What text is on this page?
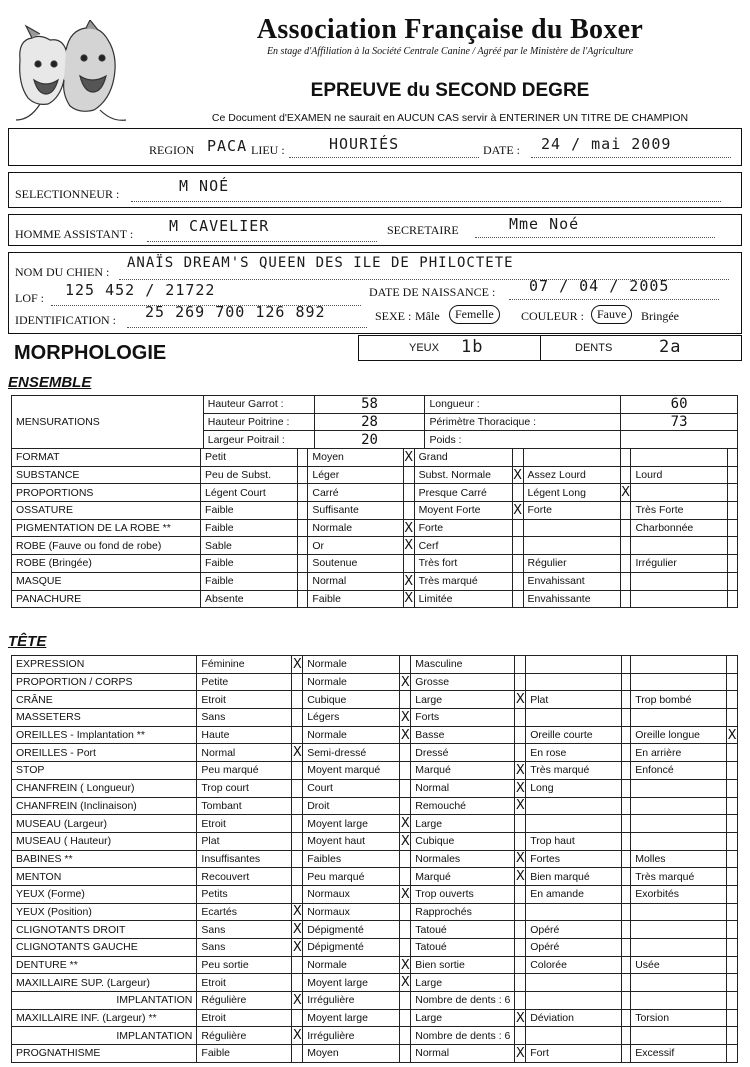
Association Française du Boxer
En stage d'Affiliation à la Société Centrale Canine / Agréé par le Ministère de l'Agriculture
EPREUVE du SECOND DEGRE
Ce Document d'EXAMEN ne saurait en AUCUN CAS servir à ENTERINER UN TITRE DE CHAMPION
REGION PACA LIEU :	HOURIÉS	DATE : 24 / mai 2009
SELECTIONNEUR :	M NOÉ
HOMME ASSISTANT : M CAVELIER	SECRETAIRE	Mme Noé
NOM DU CHIEN :
ANAÏS DREAM'S QUEEN DES ILE DE PHILOCTETE
LOF : 125 452 / 21722	DATE DE NAISSANCE : 07 / 04 / 2005
IDENTIFICATION : 25 269 700 126 892	SEXE : Mâle	Femelle	COULEUR :	Fauve	Bringée
MORPHOLOGIE	YEUX 1b	DENTS	2a
ENSEMBLE
MENSURATIONS	Hauteur Garrot :	58	Longueur :	60
	Hauteur Poitrine :	28	Périmètre Thoracique :	73
	Largeur Poitrail :	20	Poids :	
FORMAT	Petit		Moyen	X	Grand					
SUBSTANCE	Peu de Subst.		Léger		Subst. Normale	X	Assez Lourd		Lourd	
PROPORTIONS	Légent Court		Carré		Presque Carré		Légent Long	X		
OSSATURE	Faible		Suffisante		Moyent Forte	X	Forte		Très Forte	
PIGMENTATION DE LA ROBE **	Faible		Normale	X	Forte				Charbonnée	
ROBE (Fauve ou fond de robe)	Sable		Or	X	Cerf					
ROBE (Bringée)	Faible		Soutenue		Très fort		Régulier		Irrégulier	
MASQUE	Faible		Normal	X	Très marqué		Envahissant			
PANACHURE	Absente		Faible	X	Limitée		Envahissante			
TÊTE
EXPRESSION	Féminine	X	Normale		Masculine					
PROPORTION / CORPS	Petite		Normale	X	Grosse					
CRÂNE	Etroit		Cubique		Large	X	Plat		Trop bombé	
MASSETERS	Sans		Légers	X	Forts					
OREILLES - Implantation **	Haute		Normale	X	Basse		Oreille courte		Oreille longue	X
OREILLES - Port	Normal	X	Semi-dressé		Dressé		En rose		En arrière	
STOP	Peu marqué		Moyent marqué		Marqué	X	Très marqué		Enfoncé	
CHANFREIN ( Longueur)	Trop court		Court		Normal	X	Long			
CHANFREIN (Inclinaison)	Tombant		Droit		Remouché	X				
MUSEAU (Largeur)	Etroit		Moyent large	X	Large					
MUSEAU ( Hauteur)	Plat		Moyent haut	X	Cubique		Trop haut			
BABINES **	Insuffisantes		Faibles		Normales	X	Fortes		Molles	
MENTON	Recouvert		Peu marqué		Marqué	X	Bien marqué		Très marqué	
YEUX (Forme)	Petits		Normaux	X	Trop ouverts		En amande		Exorbités	
YEUX (Position)	Ecartés	X	Normaux		Rapprochés					
CLIGNOTANTS DROIT	Sans	X	Dépigmenté		Tatoué		Opéré			
CLIGNOTANTS GAUCHE	Sans	X	Dépigmenté		Tatoué		Opéré			
DENTURE **	Peu sortie		Normale	X	Bien sortie		Colorée		Usée	
MAXILLAIRE SUP. (Largeur)	Etroit		Moyent large	X	Large					
IMPLANTATION	Régulière	X	Irrégulière		Nombre de dents : 6					
MAXILLAIRE INF. (Largeur) **	Etroit		Moyent large		Large	X	Déviation		Torsion	
IMPLANTATION	Régulière	X	Irrégulière		Nombre de dents : 6					
PROGNATHISME	Faible		Moyen		Normal	X	Fort		Excessif	
